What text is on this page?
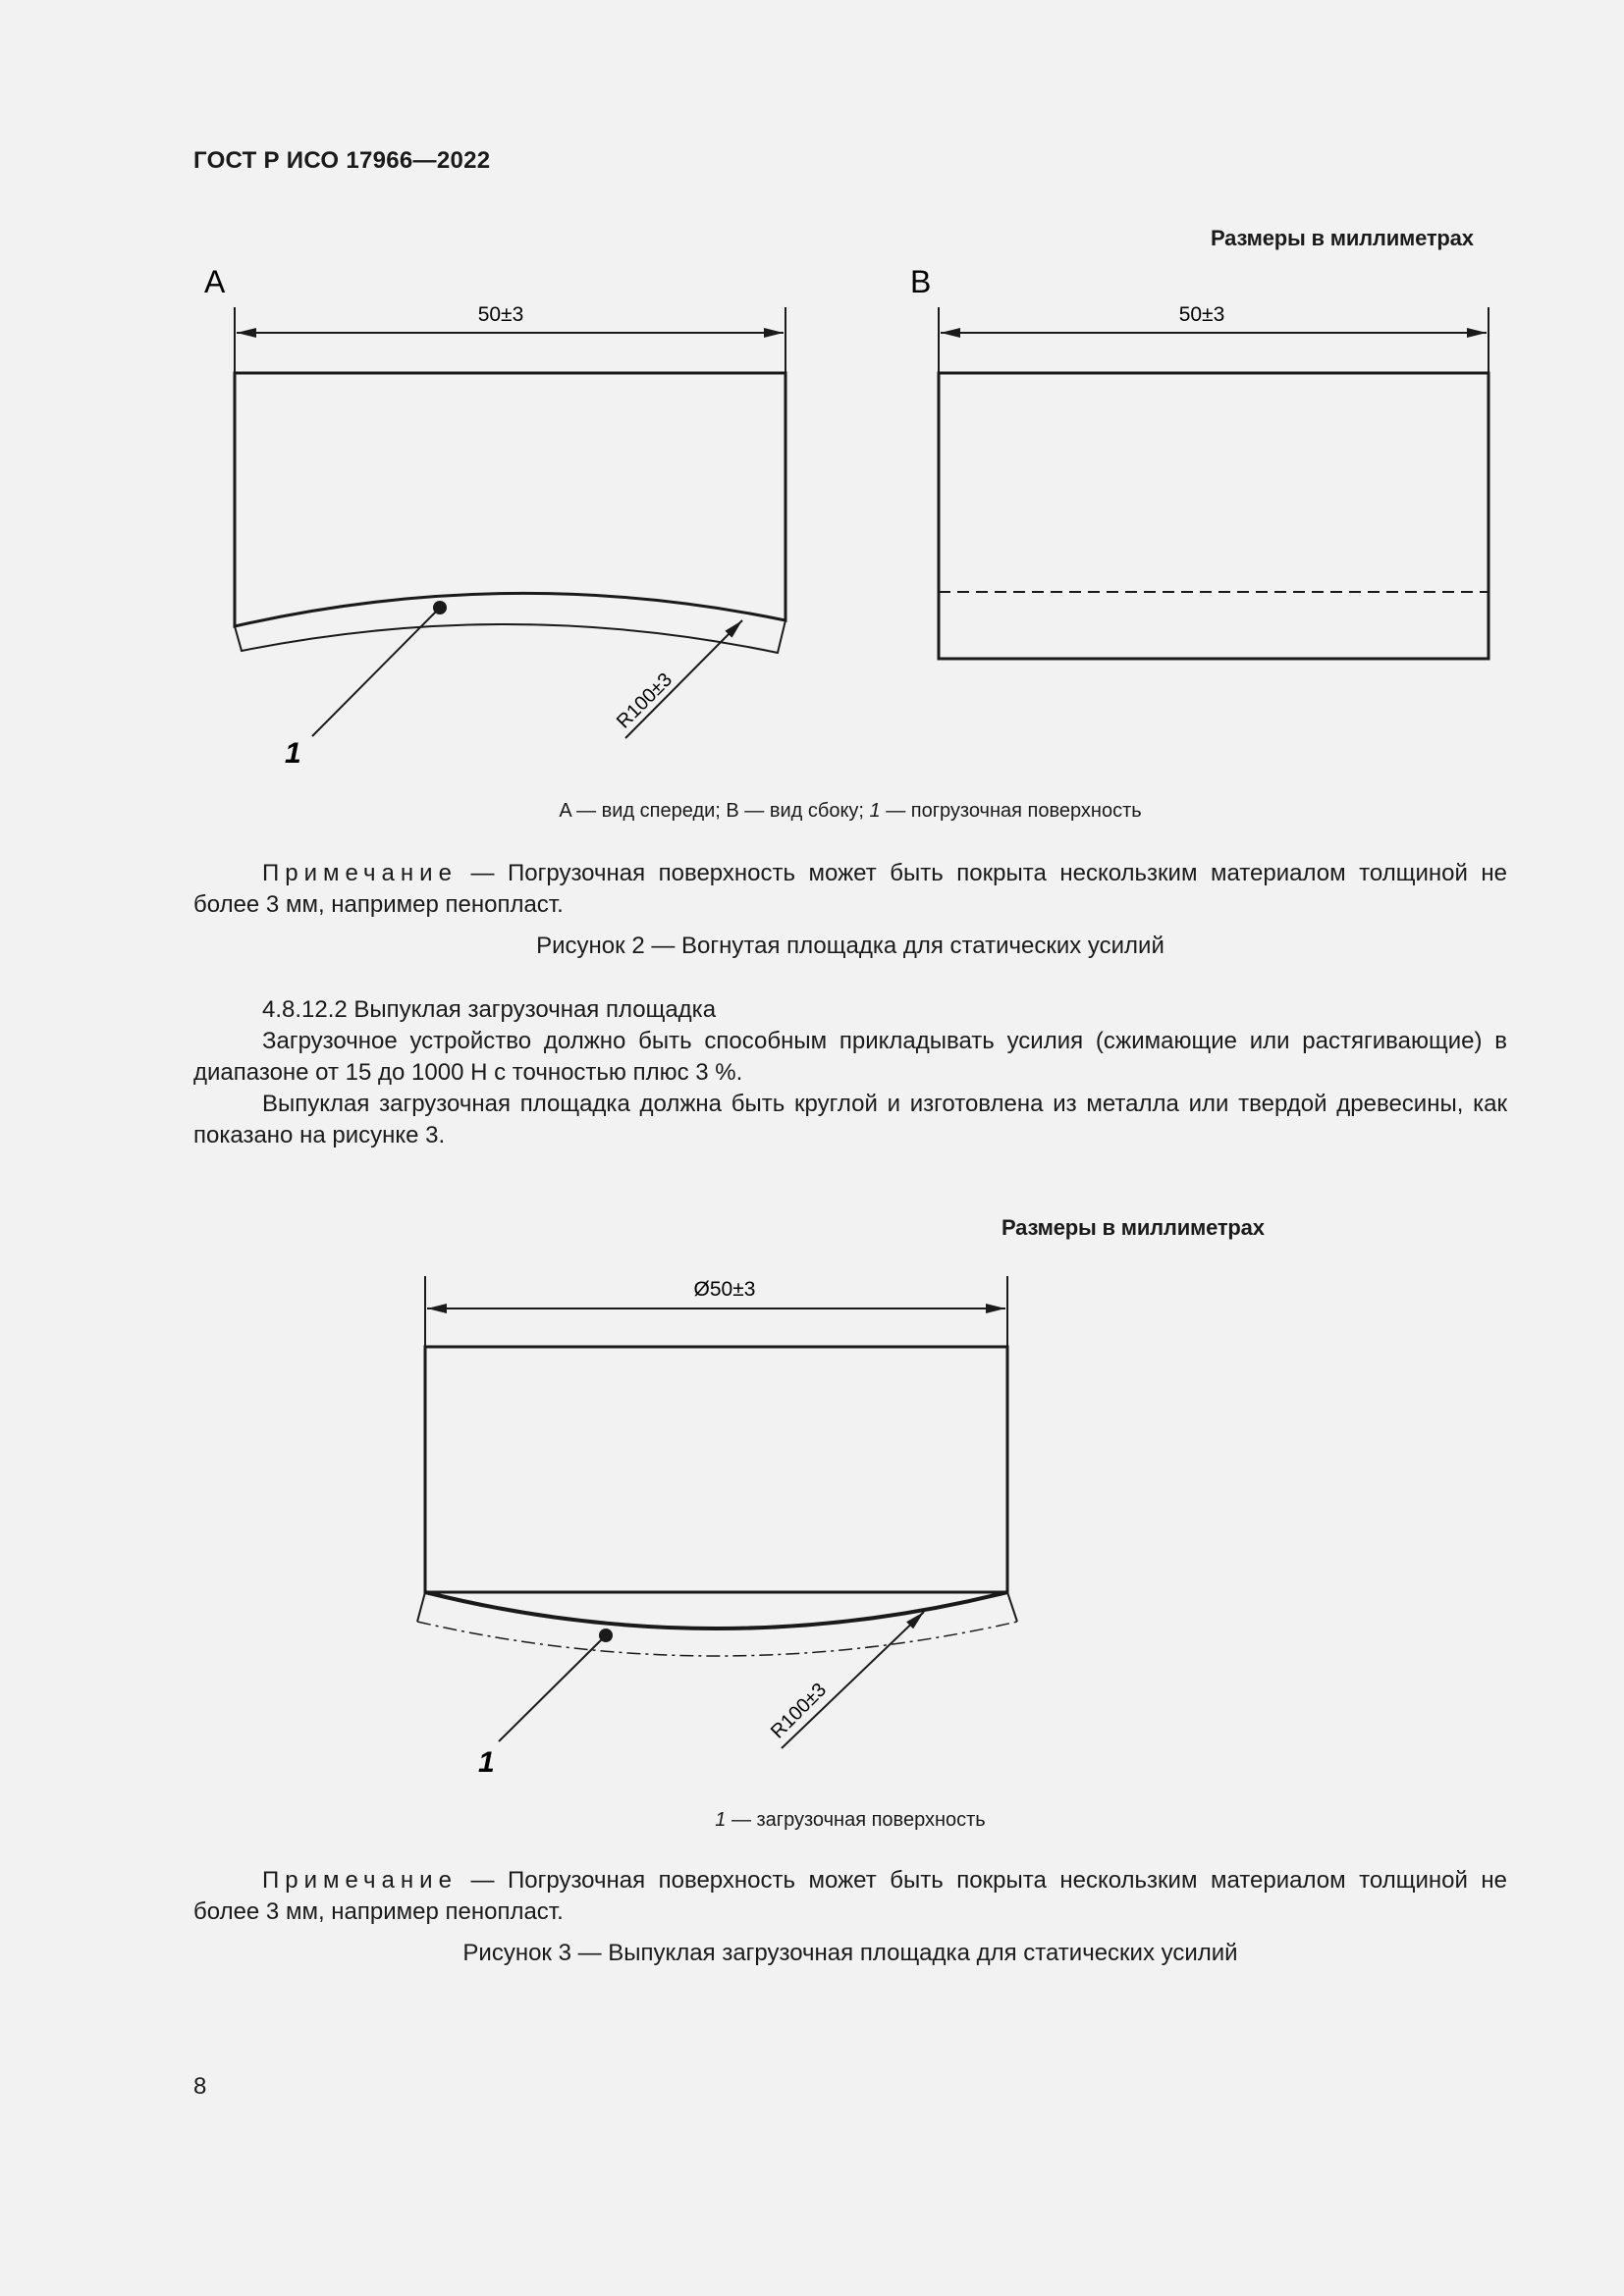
ГОСТ Р ИСО 17966—2022
Размеры в миллиметрах
A
50±3
1
R100±3
B
50±3
A — вид спереди; B — вид сбоку; 1 — погрузочная поверхность
Примечание — Погрузочная поверхность может быть покрыта нескользким материалом толщиной не более 3 мм, например пенопласт.
Рисунок 2 — Вогнутая площадка для статических усилий
4.8.12.2 Выпуклая загрузочная площадка
Загрузочное устройство должно быть способным прикладывать усилия (сжимающие или растягивающие) в диапазоне от 15 до 1000 Н с точностью плюс 3 %.
Выпуклая загрузочная площадка должна быть круглой и изготовлена из металла или твердой древесины, как показано на рисунке 3.
Размеры в миллиметрах
Ø50±3
1
R100±3
1 — загрузочная поверхность
Примечание — Погрузочная поверхность может быть покрыта нескользким материалом толщиной не более 3 мм, например пенопласт.
Рисунок 3 — Выпуклая загрузочная площадка для статических усилий
8
